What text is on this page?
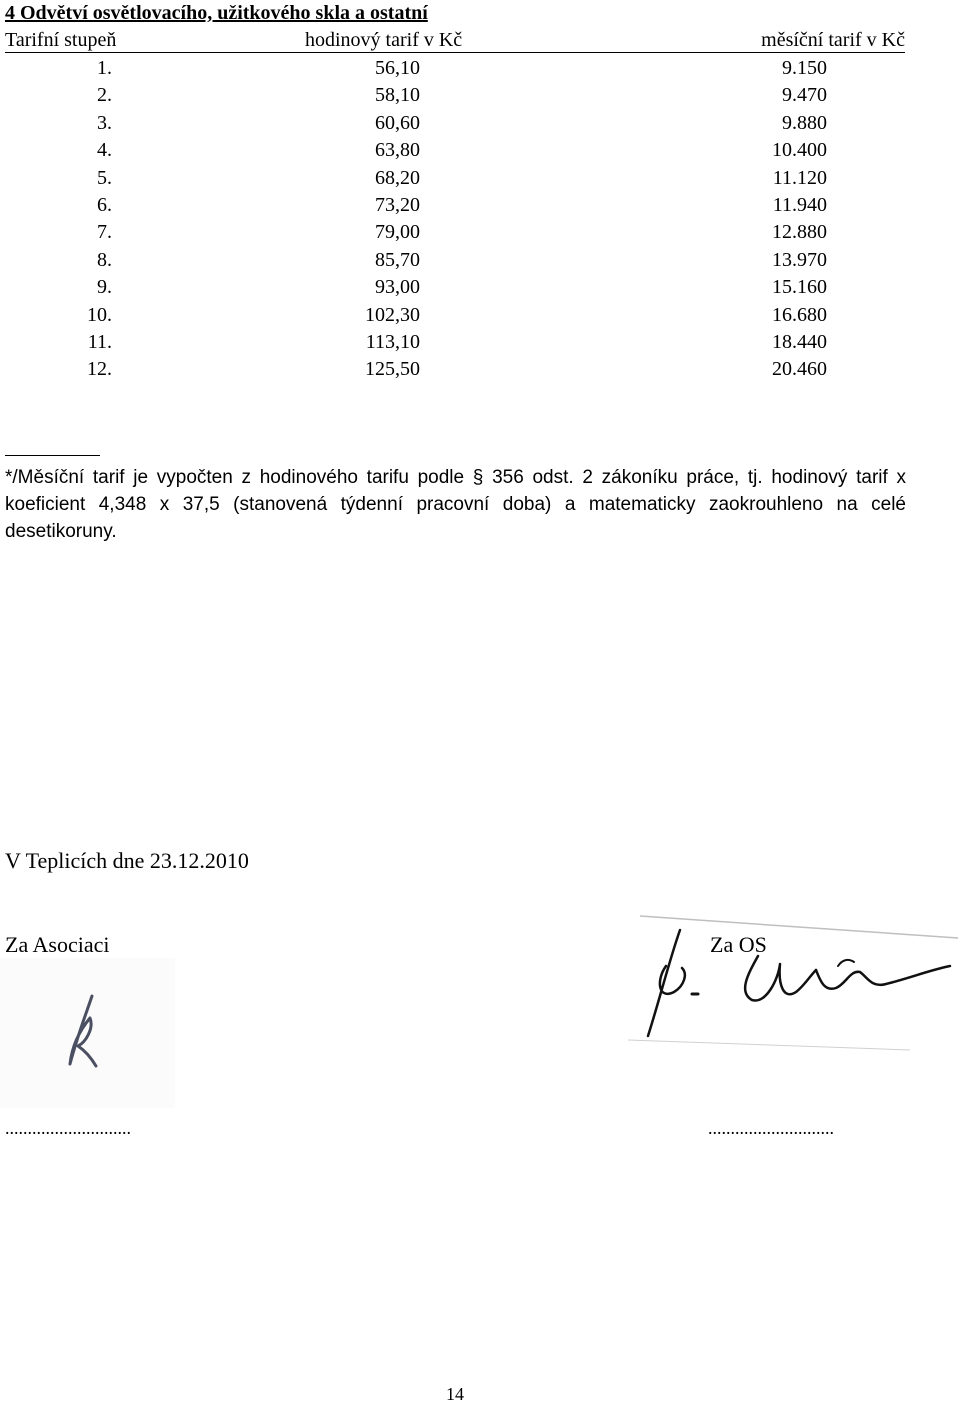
4 Odvětví osvětlovacího, užitkového skla a ostatní
Tarifní stupeň	hodinový tarif v Kč	měsíční tarif v Kč
1.	56,10	9.150
2.	58,10	9.470
3.	60,60	9.880
4.	63,80	10.400
5.	68,20	11.120
6.	73,20	11.940
7.	79,00	12.880
8.	85,70	13.970
9.	93,00	15.160
10.	102,30	16.680
11.	113,10	18.440
12.	125,50	20.460

*/Měsíční tarif je vypočten z hodinového tarifu podle § 356 odst. 2 zákoníku práce, tj. hodinový tarif x koeficient 4,348 x 37,5 (stanovená týdenní pracovní doba) a matematicky zaokrouhleno na celé desetikoruny.

V Teplicích dne 23.12.2010

Za Asociaci	Za OS

............................	............................

14
